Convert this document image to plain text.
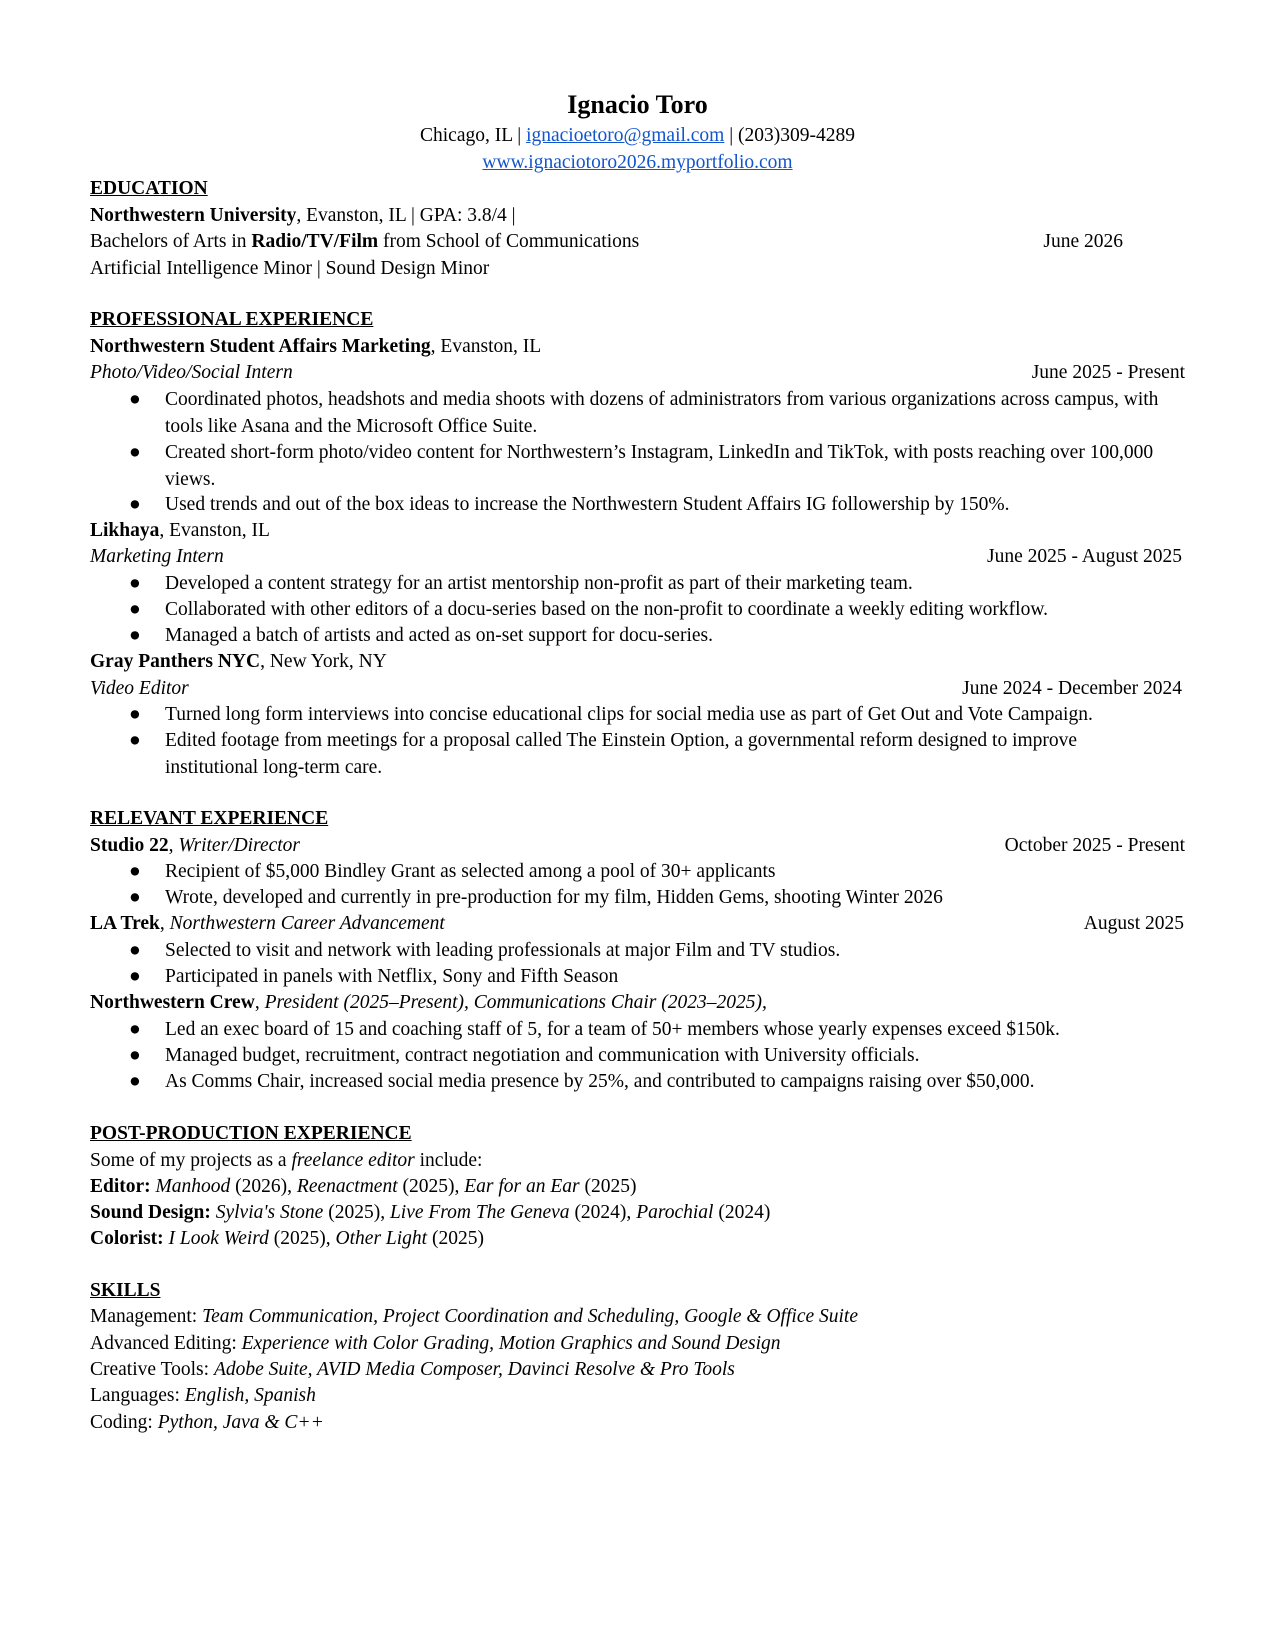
Ignacio Toro
Chicago, IL | ignacioetoro@gmail.com | (203)309-4289
www.ignaciotoro2026.myportfolio.com
EDUCATION
Northwestern University, Evanston, IL | GPA: 3.8/4 |
Bachelors of Arts in Radio/TV/Film from School of Communications	June 2026
Artificial Intelligence Minor | Sound Design Minor
PROFESSIONAL EXPERIENCE
Northwestern Student Affairs Marketing, Evanston, IL
Photo/Video/Social Intern	June 2025 - Present
●	Coordinated photos, headshots and media shoots with dozens of administrators from various organizations across campus, with tools like Asana and the Microsoft Office Suite.
●	Created short-form photo/video content for Northwestern’s Instagram, LinkedIn and TikTok, with posts reaching over 100,000 views.
●	Used trends and out of the box ideas to increase the Northwestern Student Affairs IG followership by 150%.
Likhaya, Evanston, IL
Marketing Intern	June 2025 - August 2025
●	Developed a content strategy for an artist mentorship non-profit as part of their marketing team.
●	Collaborated with other editors of a docu-series based on the non-profit to coordinate a weekly editing workflow.
●	Managed a batch of artists and acted as on-set support for docu-series.
Gray Panthers NYC, New York, NY
Video Editor	June 2024 - December 2024
●	Turned long form interviews into concise educational clips for social media use as part of Get Out and Vote Campaign.
●	Edited footage from meetings for a proposal called The Einstein Option, a governmental reform designed to improve institutional long-term care.
RELEVANT EXPERIENCE
Studio 22, Writer/Director	October 2025 - Present
●	Recipient of $5,000 Bindley Grant as selected among a pool of 30+ applicants
●	Wrote, developed and currently in pre-production for my film, Hidden Gems, shooting Winter 2026
LA Trek, Northwestern Career Advancement	August 2025
●	Selected to visit and network with leading professionals at major Film and TV studios.
●	Participated in panels with Netflix, Sony and Fifth Season
Northwestern Crew, President (2025–Present), Communications Chair (2023–2025),
●	Led an exec board of 15 and coaching staff of 5, for a team of 50+ members whose yearly expenses exceed $150k.
●	Managed budget, recruitment, contract negotiation and communication with University officials.
●	As Comms Chair, increased social media presence by 25%, and contributed to campaigns raising over $50,000.
POST-PRODUCTION EXPERIENCE
Some of my projects as a freelance editor include:
Editor: Manhood (2026), Reenactment (2025), Ear for an Ear (2025)
Sound Design: Sylvia's Stone (2025), Live From The Geneva (2024), Parochial (2024)
Colorist: I Look Weird (2025), Other Light (2025)
SKILLS
Management: Team Communication, Project Coordination and Scheduling, Google & Office Suite
Advanced Editing: Experience with Color Grading, Motion Graphics and Sound Design
Creative Tools: Adobe Suite, AVID Media Composer, Davinci Resolve & Pro Tools
Languages: English, Spanish
Coding: Python, Java & C++
